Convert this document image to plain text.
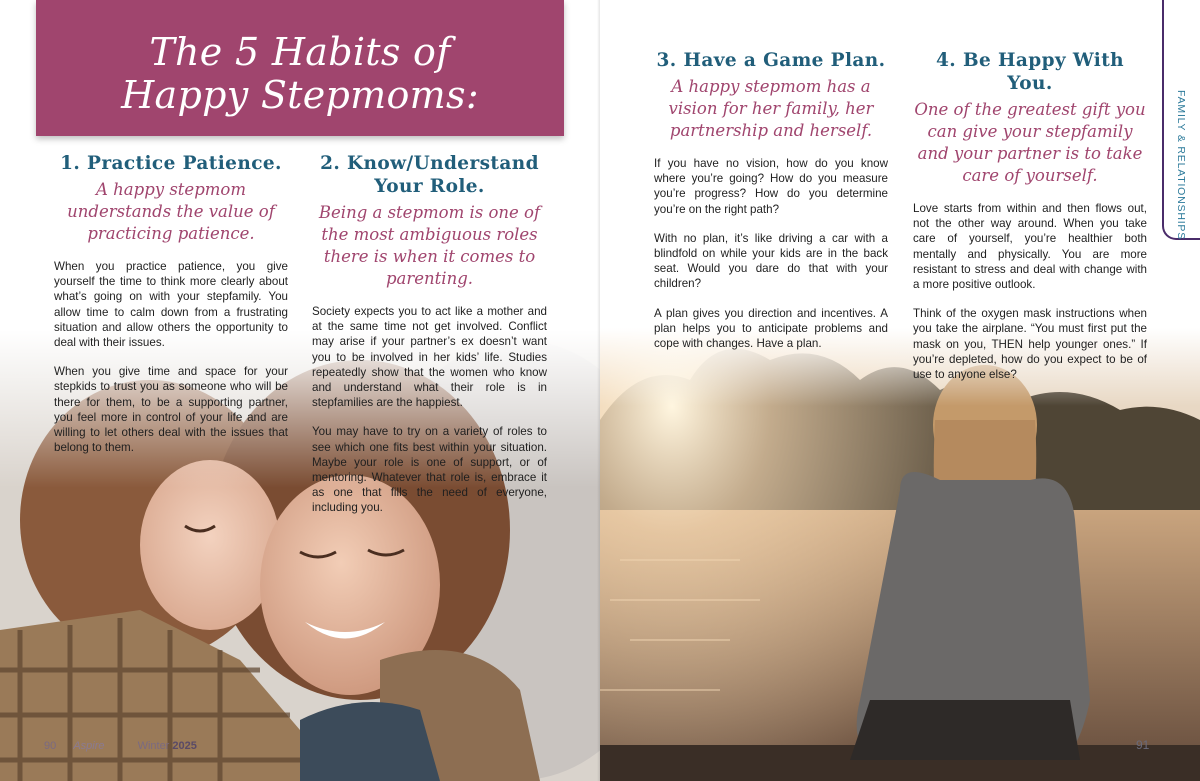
The 5 Habits of
Happy Stepmoms:
1. Practice Patience.
A happy stepmom understands the value of practicing patience.

When you practice patience, you give yourself the time to think more clearly about what’s going on with your stepfamily. You allow time to calm down from a frustrating situation and allow others the opportunity to deal with their issues.

When you give time and space for your stepkids to trust you as someone who will be there for them, to be a supporting partner, you feel more in control of your life and are willing to let others deal with the issues that belong to them.

2. Know/Understand Your Role.
Being a stepmom is one of the most ambiguous roles there is when it comes to parenting.

Society expects you to act like a mother and at the same time not get involved. Conflict may arise if your partner’s ex doesn’t want you to be involved in her kids’ life. Studies repeatedly show that the women who know and understand what their role is in stepfamilies are the happiest.

You may have to try on a variety of roles to see which one fits best within your situation. Maybe your role is one of support, or of mentoring. Whatever that role is, embrace it as one that fills the need of everyone, including you.

90 Aspire	Winter 2025
3. Have a Game Plan.
A happy stepmom has a vision for her family, her partnership and herself.

If you have no vision, how do you know where you’re going? How do you measure you’re progress? How do you determine you’re on the right path?

With no plan, it’s like driving a car with a blindfold on while your kids are in the back seat. Would you dare do that with your children?

A plan gives you direction and incentives. A plan helps you to anticipate problems and cope with changes. Have a plan.

4. Be Happy With You.
One of the greatest gift you can give your stepfamily and your partner is to take care of yourself.

Love starts from within and then flows out, not the other way around. When you take care of yourself, you’re healthier both mentally and physically. You are more resistant to stress and deal with change with a more positive outlook.

Think of the oxygen mask instructions when you take the airplane. “You must first put the mask on you, THEN help younger ones.” If you’re depleted, how do you expect to be of use to anyone else?

FAMILY & RELATIONSHIPS
91
